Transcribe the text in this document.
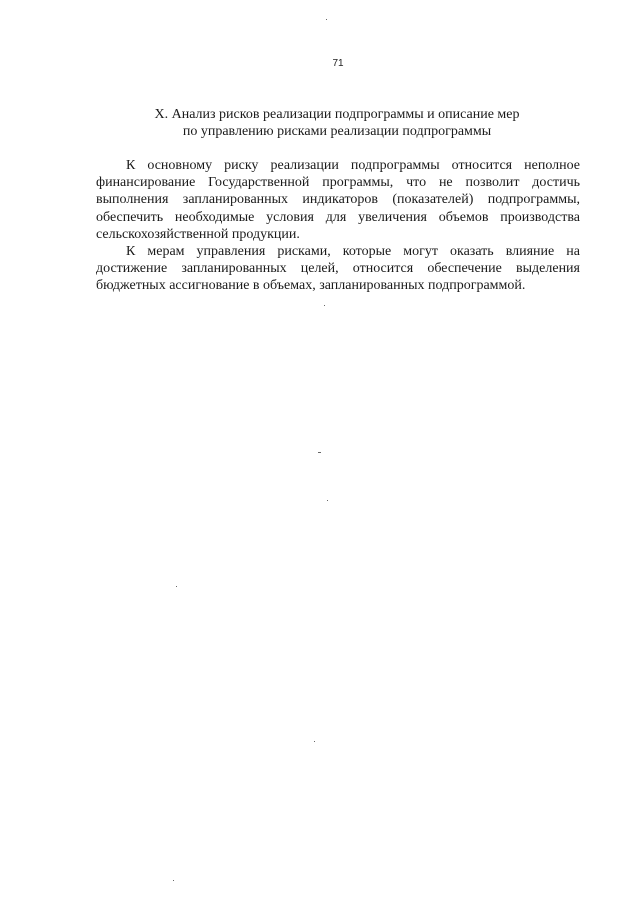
71
X. Анализ рисков реализации подпрограммы и описание мер
по управлению рисками реализации подпрограммы

К основному риску реализации подпрограммы относится неполное финансирование Государственной программы, что не позволит достичь выполнения запланированных индикаторов (показателей) подпрограммы, обеспечить необходимые условия для увеличения объемов производства сельскохозяйственной продукции.

К мерам управления рисками, которые могут оказать влияние на достижение запланированных целей, относится обеспечение выделения бюджетных ассигнование в объемах, запланированных подпрограммой.
